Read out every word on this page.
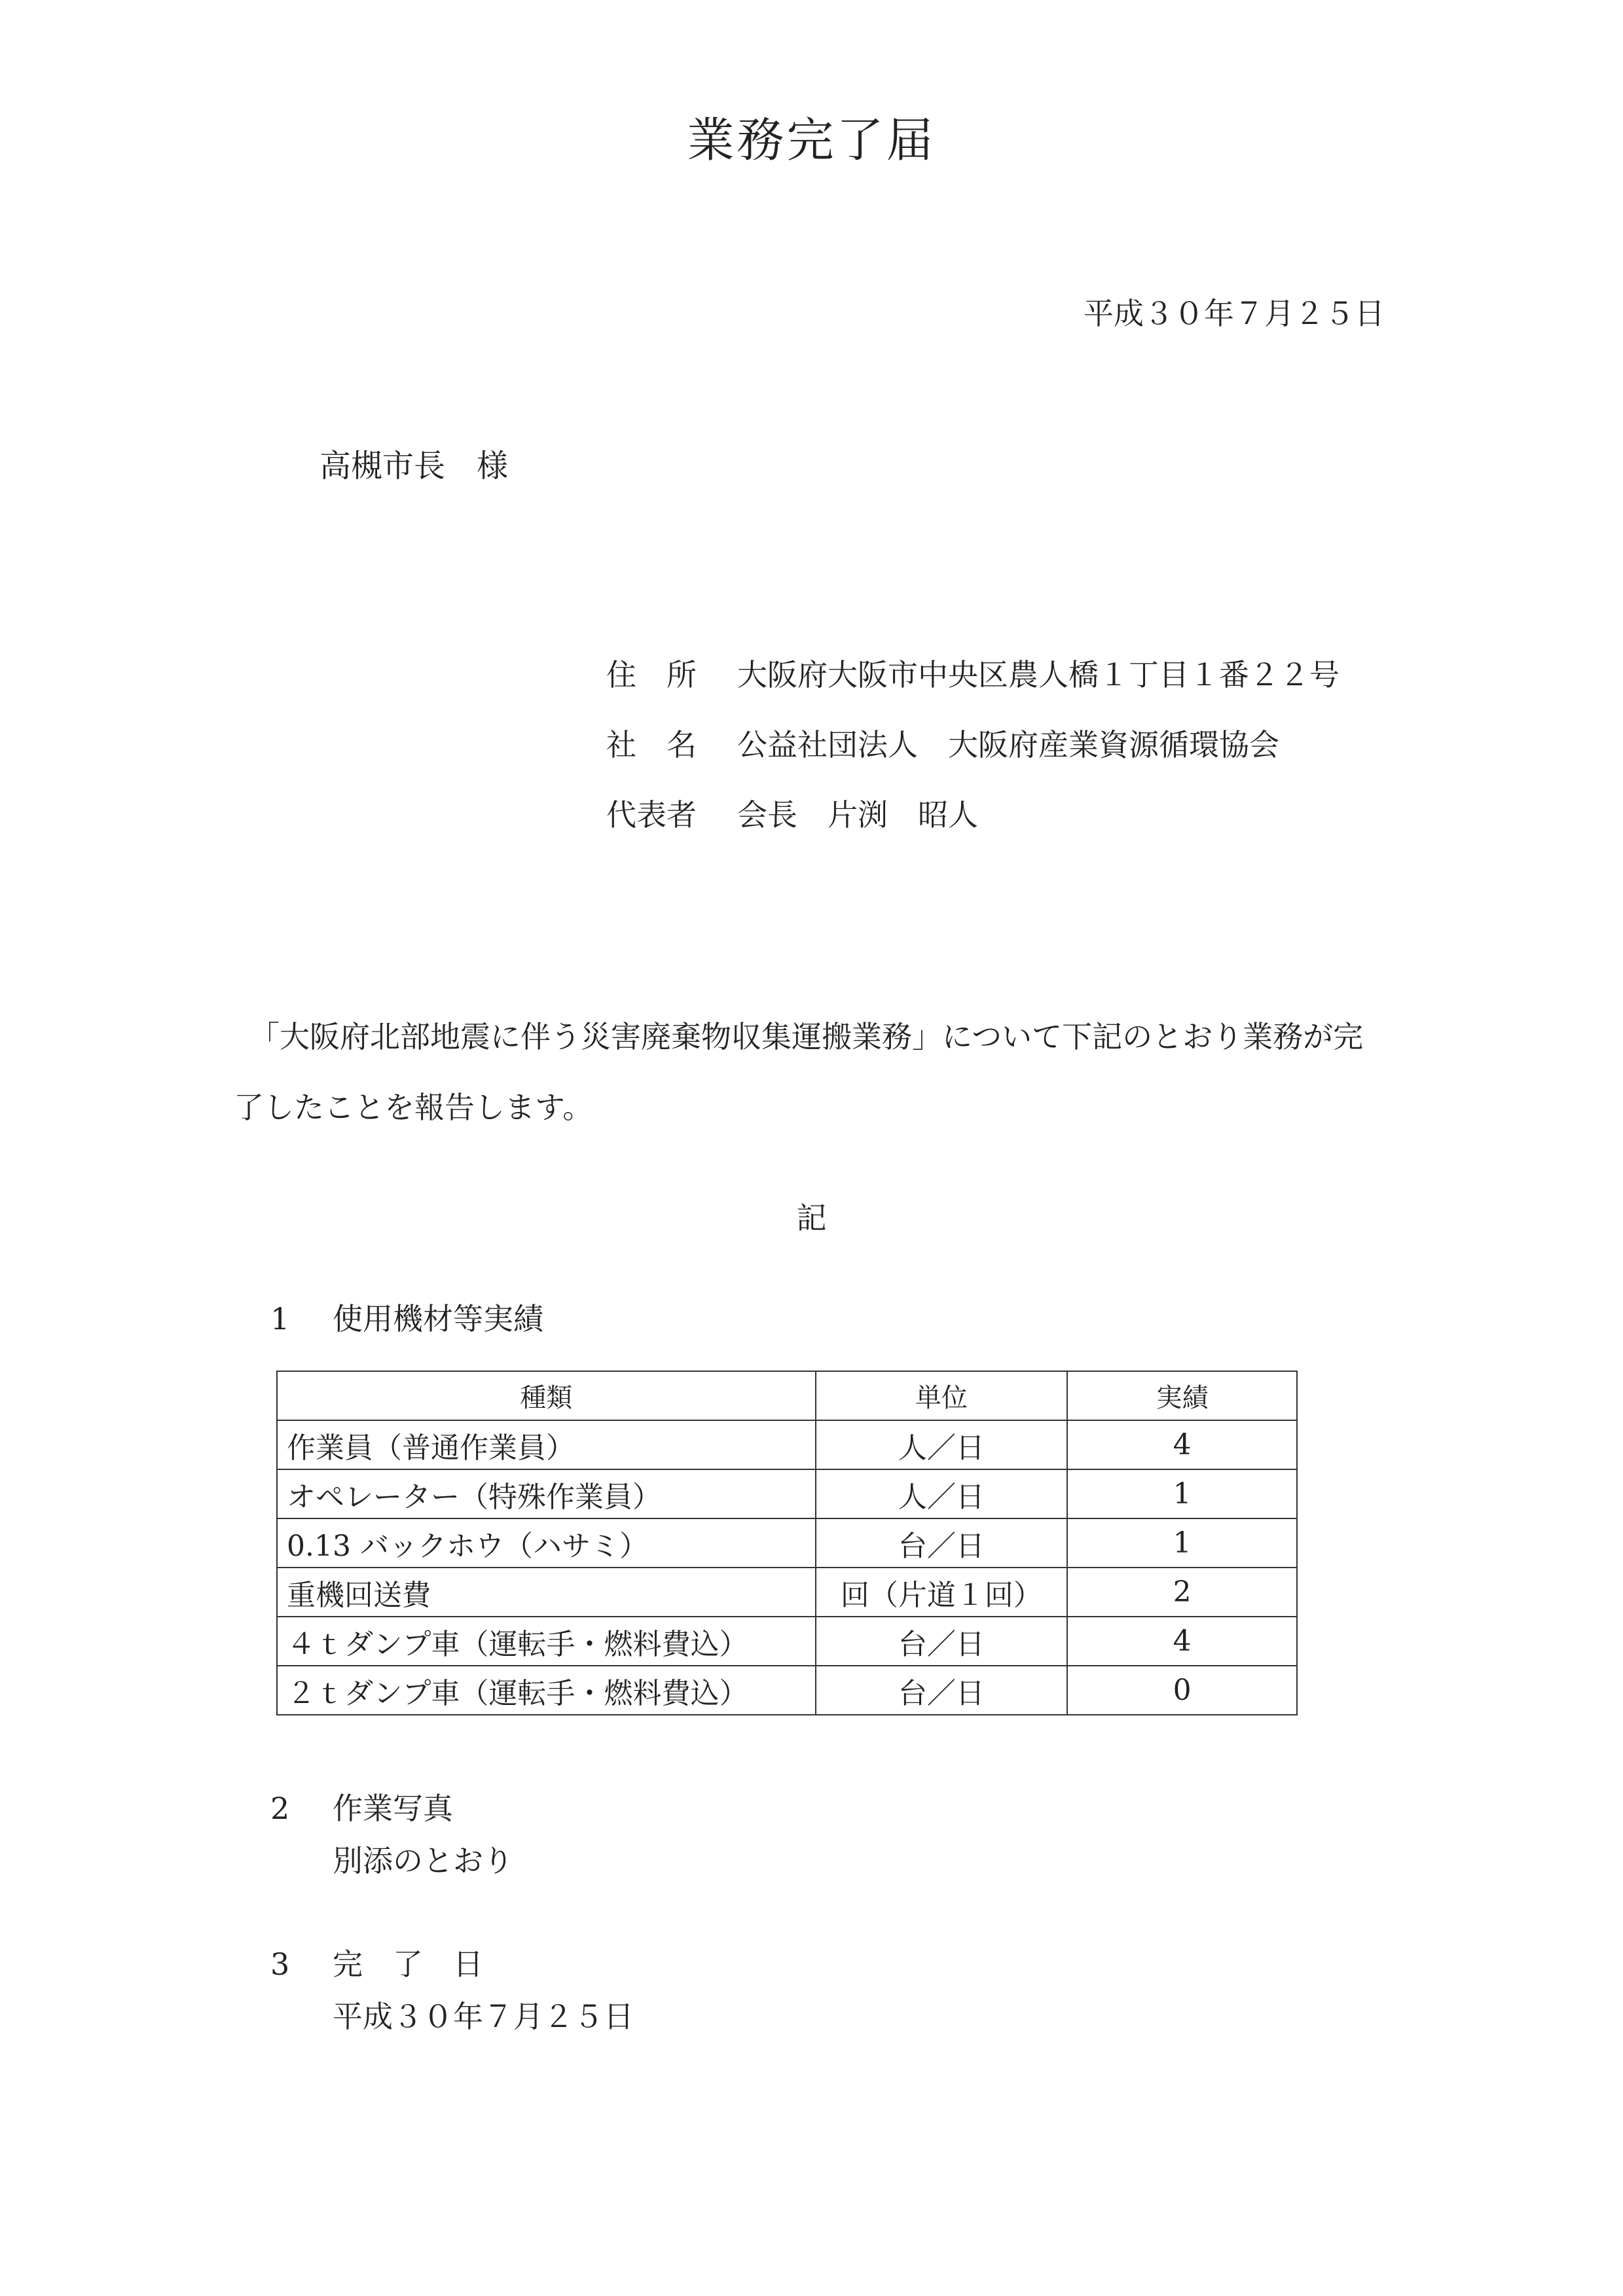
業務完了届
平成３０年７月２５日
高槻市長　様
住　所 大阪府大阪市中央区農人橋１丁目１番２２号
社　名 公益社団法人　大阪府産業資源循環協会
代表者 会長　片渕　昭人
「大阪府北部地震に伴う災害廃棄物収集運搬業務」について下記のとおり業務が完了したことを報告します。
記
1 使用機材等実績
種類	単位	実績
作業員（普通作業員）	人／日	4
オペレーター（特殊作業員）	人／日	1
0.13 バックホウ（ハサミ）	台／日	1
重機回送費	回（片道１回）	2
４ｔダンプ車（運転手・燃料費込）	台／日	4
２ｔダンプ車（運転手・燃料費込）	台／日	0
2 作業写真
別添のとおり
3 完　了　日
平成３０年７月２５日
